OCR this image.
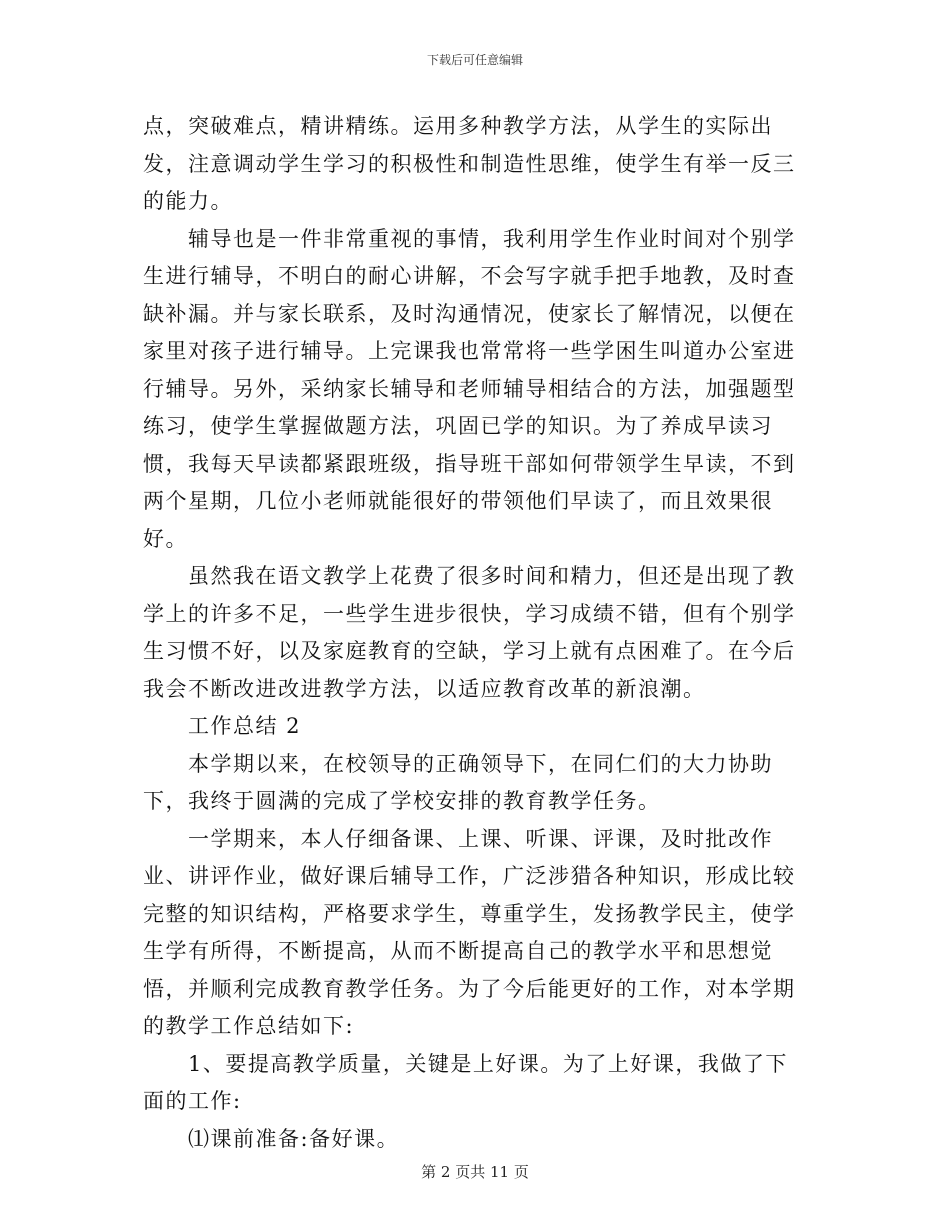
下载后可任意编辑

点，突破难点，精讲精练。运用多种教学方法，从学生的实际出发，注意调动学生学习的积极性和制造性思维，使学生有举一反三的能力。

辅导也是一件非常重视的事情，我利用学生作业时间对个别学生进行辅导，不明白的耐心讲解，不会写字就手把手地教，及时查缺补漏。并与家长联系，及时沟通情况，使家长了解情况，以便在家里对孩子进行辅导。上完课我也常常将一些学困生叫道办公室进行辅导。另外，采纳家长辅导和老师辅导相结合的方法，加强题型练习，使学生掌握做题方法，巩固已学的知识。为了养成早读习惯，我每天早读都紧跟班级，指导班干部如何带领学生早读，不到两个星期，几位小老师就能很好的带领他们早读了，而且效果很好。

虽然我在语文教学上花费了很多时间和精力，但还是出现了教学上的许多不足，一些学生进步很快，学习成绩不错，但有个别学生习惯不好，以及家庭教育的空缺，学习上就有点困难了。在今后我会不断改进改进教学方法，以适应教育改革的新浪潮。

工作总结 2

本学期以来，在校领导的正确领导下，在同仁们的大力协助下，我终于圆满的完成了学校安排的教育教学任务。

一学期来，本人仔细备课、上课、听课、评课，及时批改作业、讲评作业，做好课后辅导工作，广泛涉猎各种知识，形成比较完整的知识结构，严格要求学生，尊重学生，发扬教学民主，使学生学有所得，不断提高，从而不断提高自己的教学水平和思想觉悟，并顺利完成教育教学任务。为了今后能更好的工作，对本学期的教学工作总结如下:

1、要提高教学质量，关键是上好课。为了上好课，我做了下面的工作:

⑴课前准备:备好课。

第 2 页共 11 页
